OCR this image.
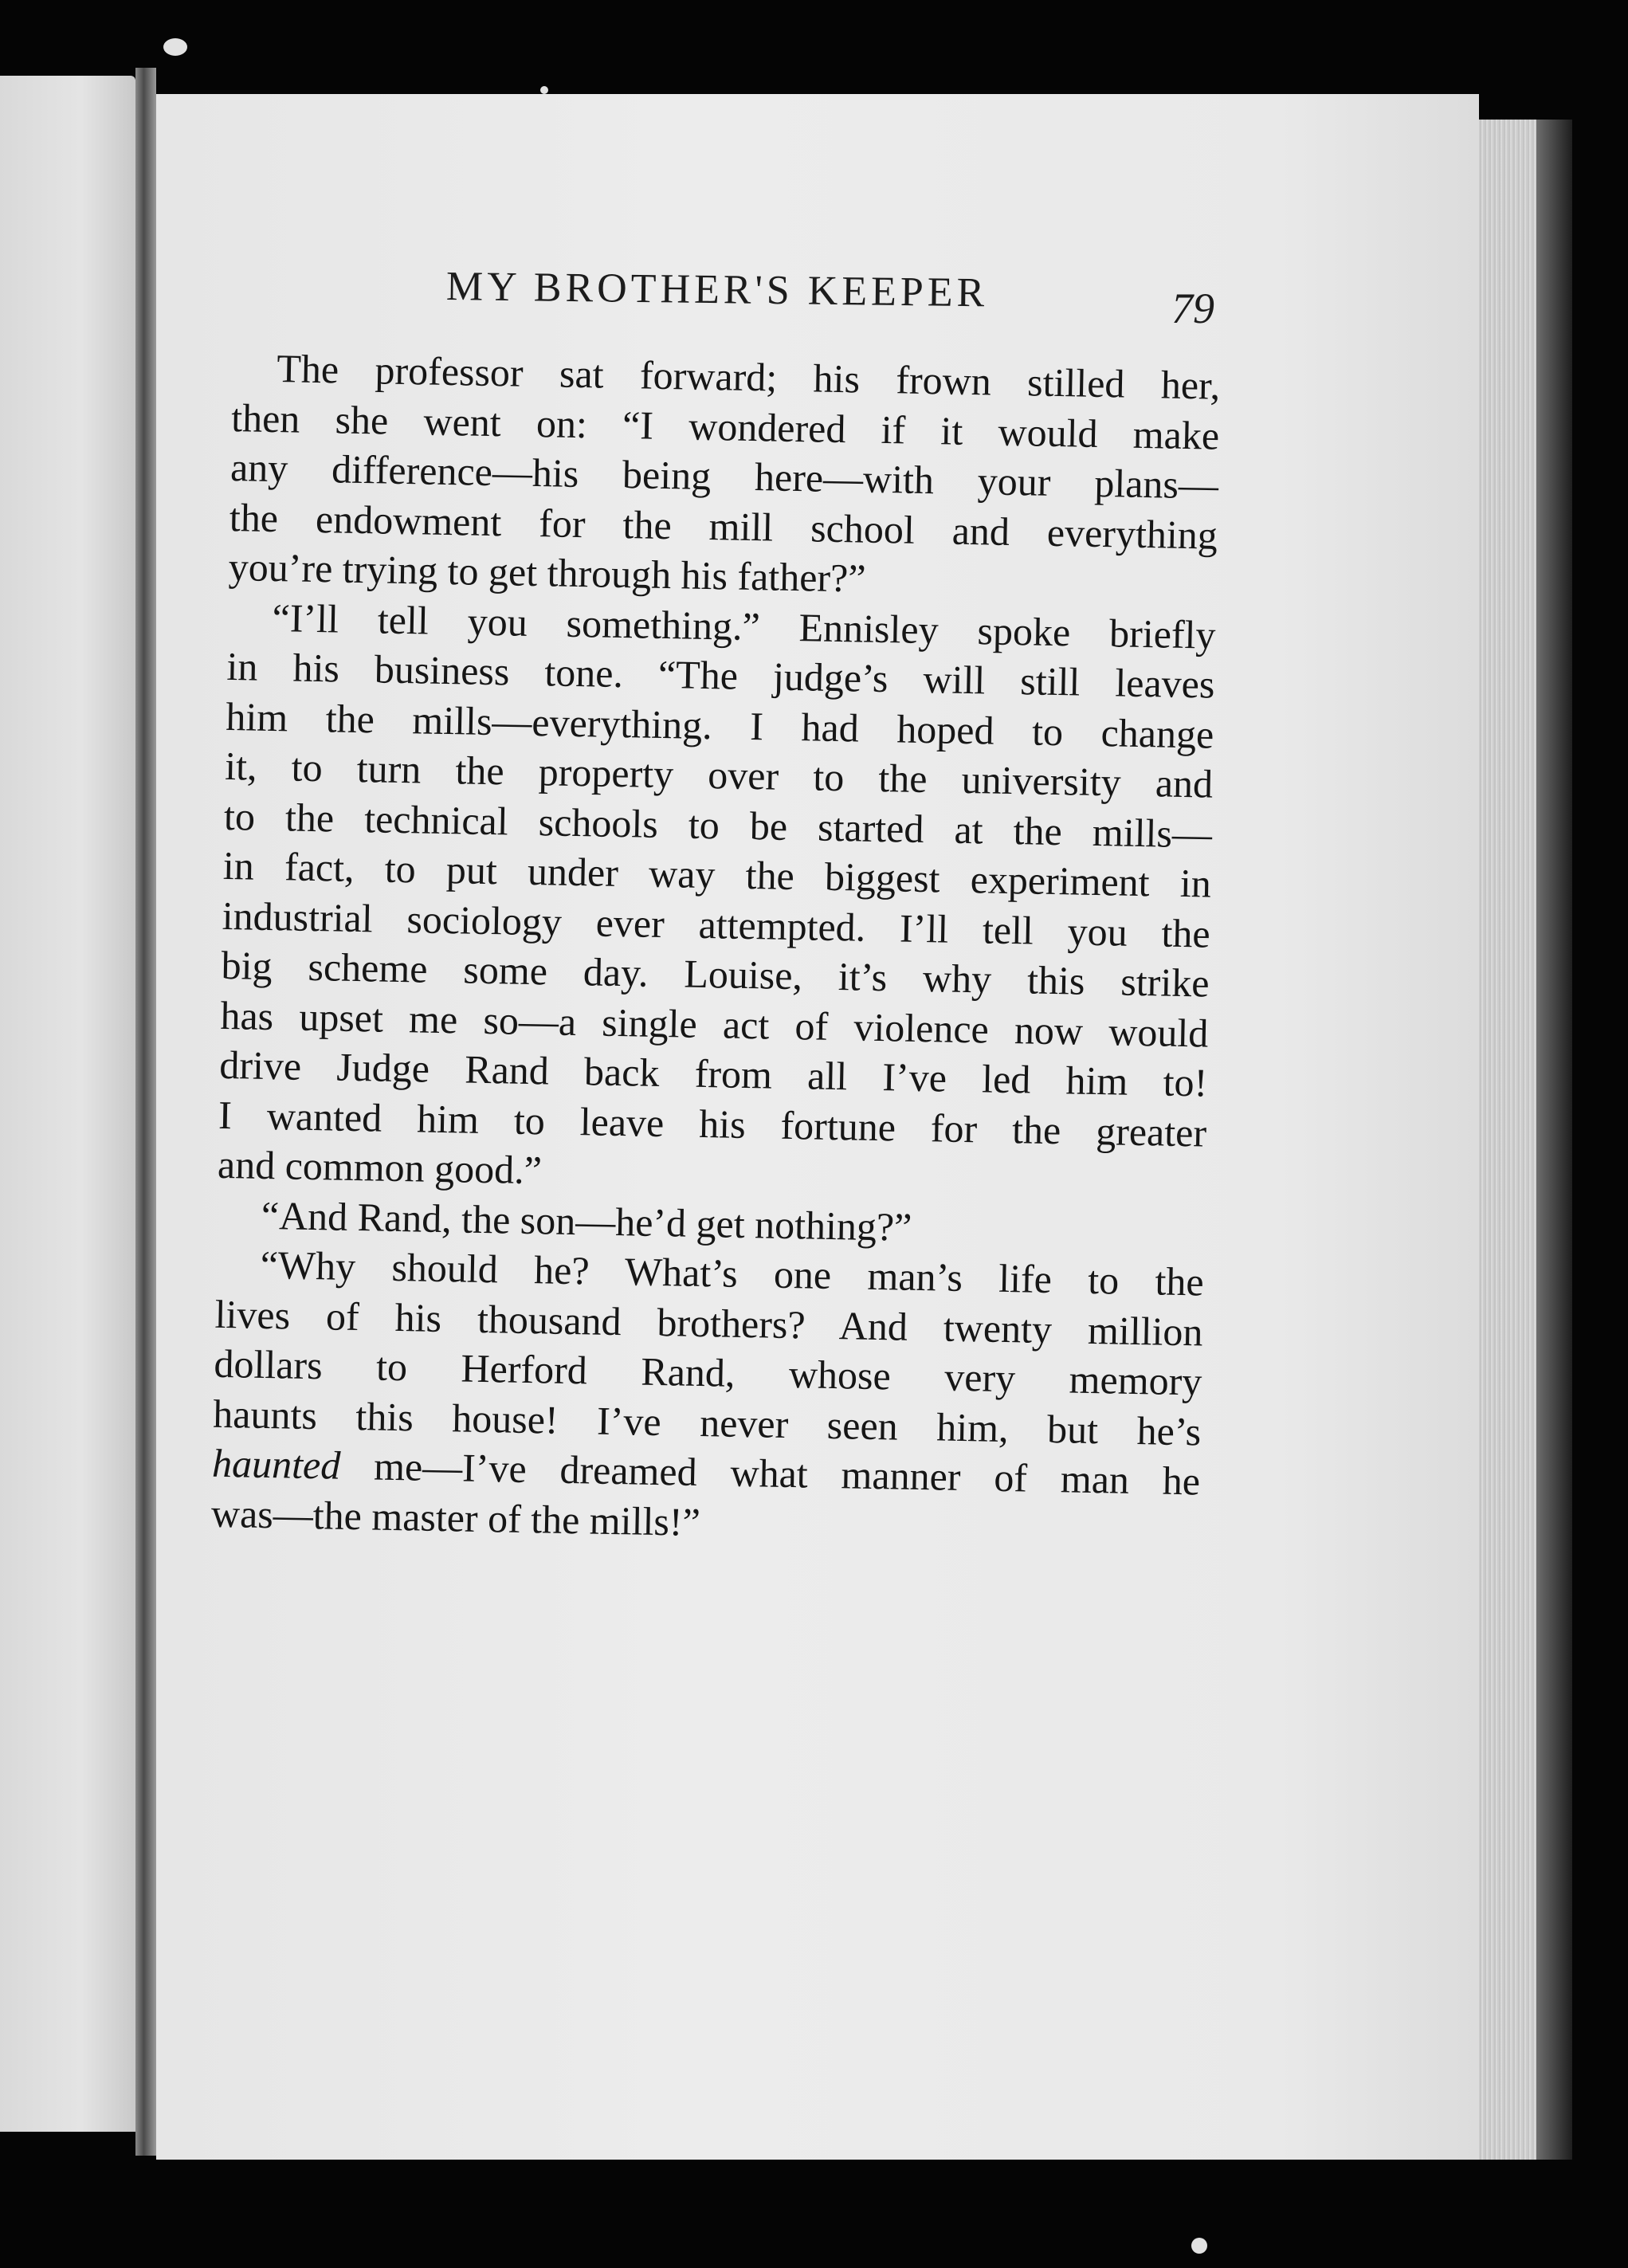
MY BROTHER'S KEEPER	79
The professor sat forward; his frown stilled her,
then she went on: “I wondered if it would make
any difference—his being here—with your plans—
the endowment for the mill school and everything
you’re trying to get through his father?”
“I’ll tell you something.” Ennisley spoke briefly
in his business tone. “The judge’s will still leaves
him the mills—everything. I had hoped to change
it, to turn the property over to the university and
to the technical schools to be started at the mills—
in fact, to put under way the biggest experiment in
industrial sociology ever attempted. I’ll tell you the
big scheme some day. Louise, it’s why this strike
has upset me so—a single act of violence now would
drive Judge Rand back from all I’ve led him to!
I wanted him to leave his fortune for the greater
and common good.”
“And Rand, the son—he’d get nothing?”
“Why should he? What’s one man’s life to the
lives of his thousand brothers? And twenty million
dollars to Herford Rand, whose very memory
haunts this house! I’ve never seen him, but he’s
haunted me—I’ve dreamed what manner of man he
was—the master of the mills!”
